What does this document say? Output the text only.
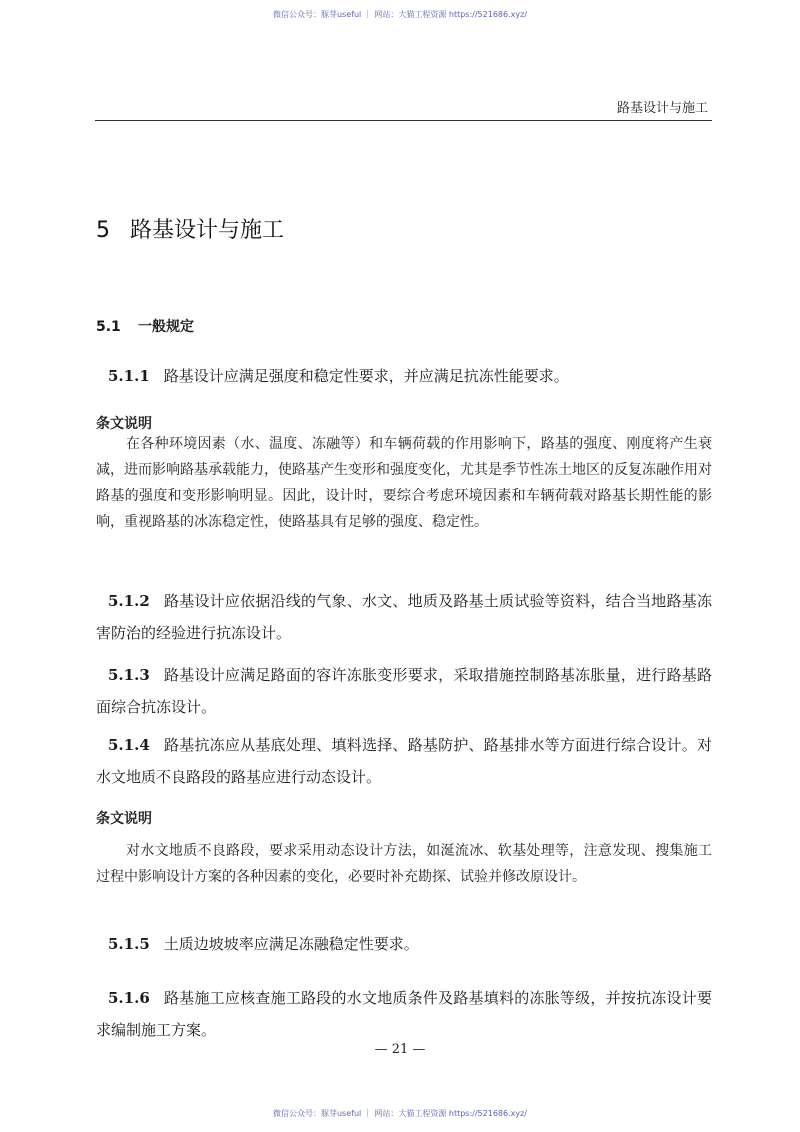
微信公众号：豚芽useful ｜ 网站：大猫工程资源 https://521686.xyz/
路基设计与施工
5 路基设计与施工
5.1 一般规定
5.1.1 路基设计应满足强度和稳定性要求，并应满足抗冻性能要求。
条文说明
在各种环境因素（水、温度、冻融等）和车辆荷载的作用影响下，路基的强度、刚度将产生衰减，进而影响路基承载能力，使路基产生变形和强度变化，尤其是季节性冻土地区的反复冻融作用对路基的强度和变形影响明显。因此，设计时，要综合考虑环境因素和车辆荷载对路基长期性能的影响，重视路基的冰冻稳定性，使路基具有足够的强度、稳定性。
5.1.2 路基设计应依据沿线的气象、水文、地质及路基土质试验等资料，结合当地路基冻害防治的经验进行抗冻设计。
5.1.3 路基设计应满足路面的容许冻胀变形要求，采取措施控制路基冻胀量，进行路基路面综合抗冻设计。
5.1.4 路基抗冻应从基底处理、填料选择、路基防护、路基排水等方面进行综合设计。对水文地质不良路段的路基应进行动态设计。
条文说明
对水文地质不良路段，要求采用动态设计方法，如涎流冰、软基处理等，注意发现、搜集施工过程中影响设计方案的各种因素的变化，必要时补充勘探、试验并修改原设计。
5.1.5 土质边坡坡率应满足冻融稳定性要求。
5.1.6 路基施工应核查施工路段的水文地质条件及路基填料的冻胀等级，并按抗冻设计要求编制施工方案。
— 21 —
微信公众号：豚芽useful ｜ 网站：大猫工程资源 https://521686.xyz/
